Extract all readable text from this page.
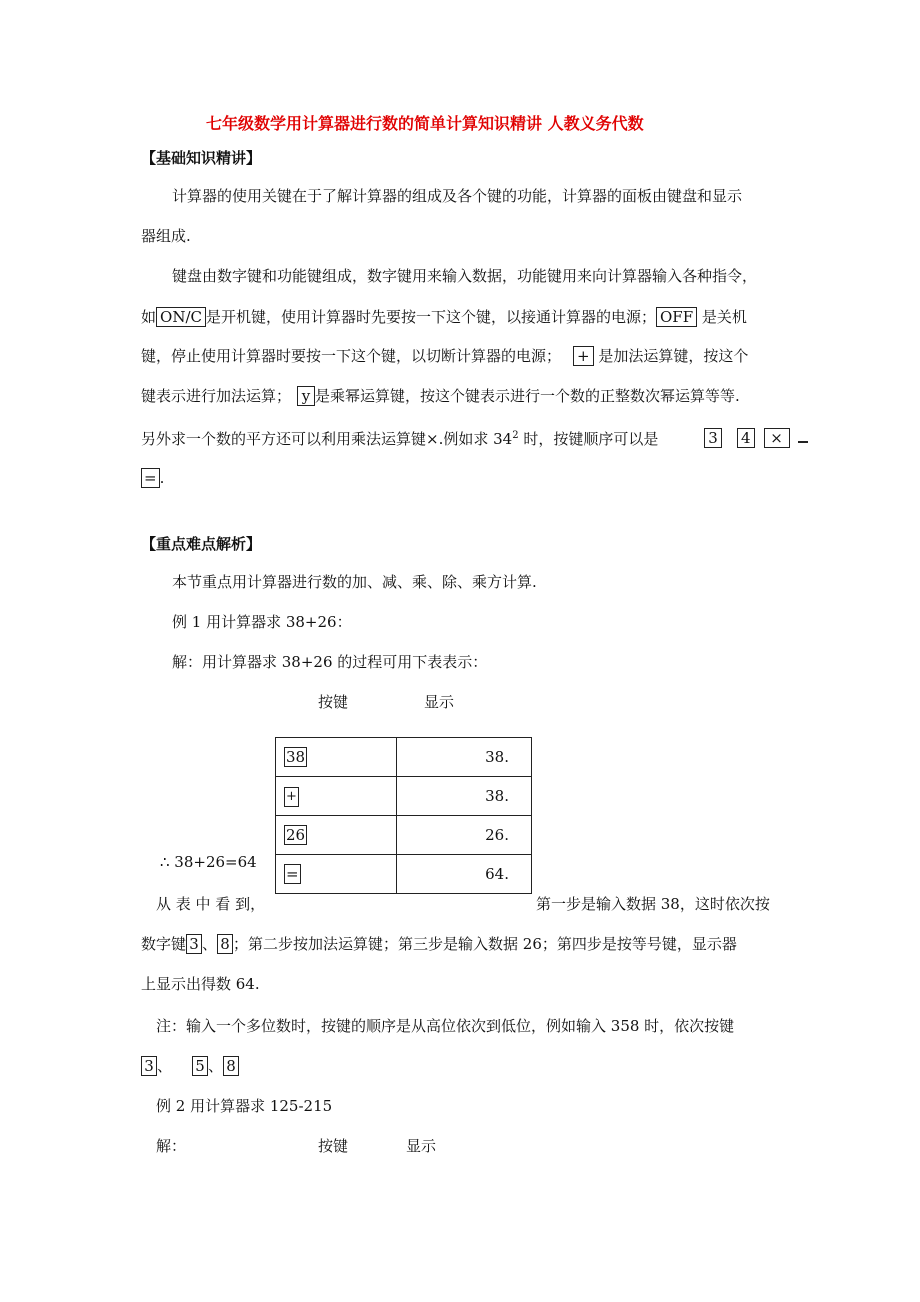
七年级数学用计算器进行数的简单计算知识精讲 人教义务代数
【基础知识精讲】
计算器的使用关键在于了解计算器的组成及各个键的功能，计算器的面板由键盘和显示
器组成.
键盘由数字键和功能键组成，数字键用来输入数据，功能键用来向计算器输入各种指令，
如 ON/C 是开机键，使用计算器时先要按一下这个键，以接通计算器的电源； OFF 是关机
键，停止使用计算器时要按一下这个键，以切断计算器的电源； + 是加法运算键，按这个
键表示进行加法运算； y 是乘幂运算键，按这个键表示进行一个数的正整数次幂运算等等.
另外求一个数的平方还可以利用乘法运算键×.例如求 $34^2$ 时，按键顺序可以是	3 4 ×
= .
【重点难点解析】
本节重点用计算器进行数的加、减、乘、除、乘方计算.
例 1 用计算器求 38+26：
解：用计算器求 38+26 的过程可用下表表示：
按键	显示
38	38.
+	38.
26	26.
=	64.
∴ 38+26=64
从 表 中 看 到，	第一步是输入数据 38，这时依次按
数字键 3 、 8 ；第二步按加法运算键；第三步是输入数据 26；第四步是按等号键，显示器
上显示出得数 64.
注：输入一个多位数时，按键的顺序是从高位依次到低位，例如输入 358 时，依次按键
3 、 5 、 8
例 2 用计算器求 125-215
解：	按键	显示
